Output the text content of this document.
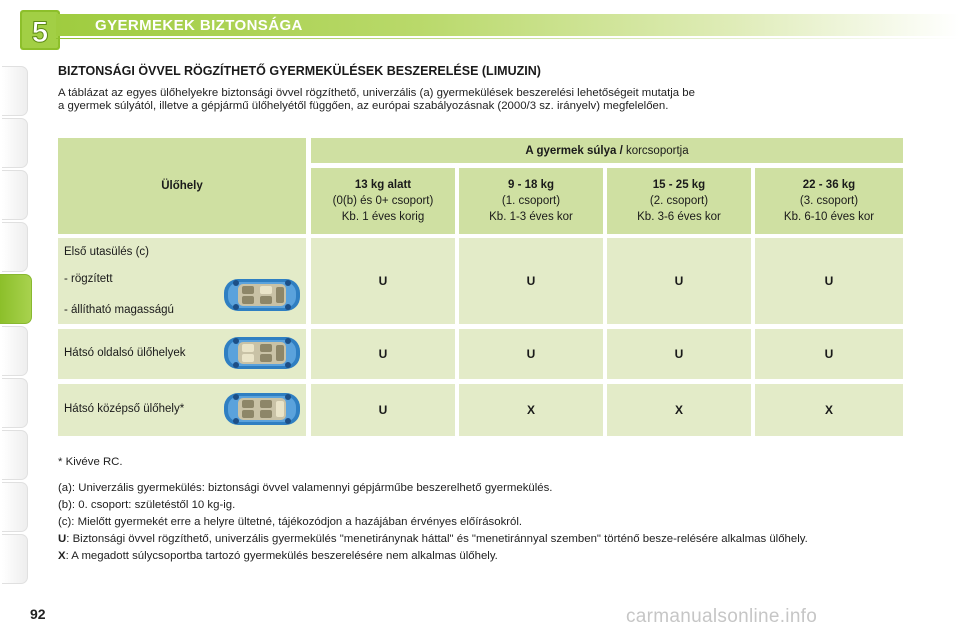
5	GYERMEKEK BIZTONSÁGA
BIZTONSÁGI ÖVVEL RÖGZÍTHETŐ GYERMEKÜLÉSEK BESZERELÉSE (LIMUZIN)
A táblázat az egyes ülőhelyekre biztonsági övvel rögzíthető, univerzális (a) gyermekülések beszerelési lehetőségeit mutatja be
a gyermek súlyától, illetve a gépjármű ülőhelyétől függően, az európai szabályozásnak (2000/3 sz. irányelv) megfelelően.
Ülőhely
A gyermek súlya / korcsoportja
13 kg alatt
(0(b) és 0+ csoport)
Kb. 1 éves korig
9 - 18 kg
(1. csoport)
Kb. 1-3 éves kor
15 - 25 kg
(2. csoport)
Kb. 3-6 éves kor
22 - 36 kg
(3. csoport)
Kb. 6-10 éves kor
Első utasülés (c)
- rögzített
- állítható magasságú
U	U	U	U
Hátsó oldalsó ülőhelyek	U	U	U	U
Hátsó középső ülőhely*	U	X	X	X

* Kivéve RC.

(a): Univerzális gyermekülés: biztonsági övvel valamennyi gépjárműbe beszerelhető gyermekülés.

(b): 0. csoport: születéstől 10 kg-ig.

(c): Mielőtt gyermekét erre a helyre ültetné, tájékozódjon a hazájában érvényes előírásokról.

U: Biztonsági övvel rögzíthető, univerzális gyermekülés "menetiránynak háttal" és "menetiránnyal szemben" történő besze-relésére alkalmas ülőhely.

X: A megadott súlycsoportba tartozó gyermekülés beszerelésére nem alkalmas ülőhely.

92	carmanualsonline.info
